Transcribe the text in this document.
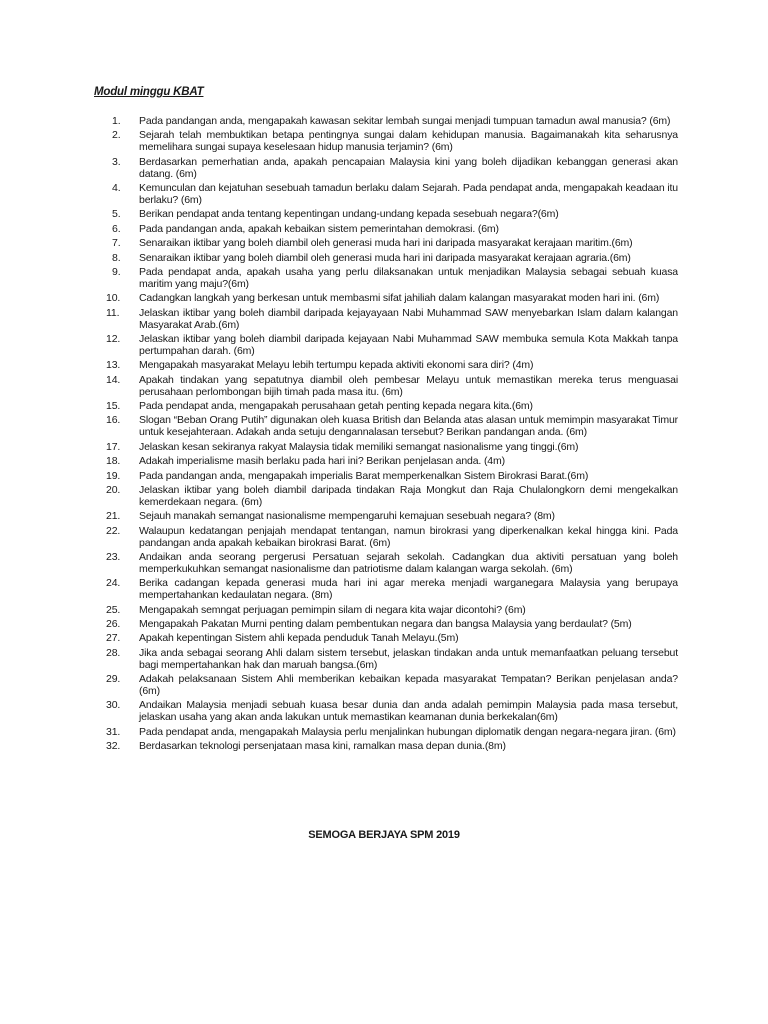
Modul minggu KBAT
1.	Pada pandangan anda, mengapakah kawasan sekitar lembah sungai menjadi tumpuan tamadun awal manusia? (6m)
2.	Sejarah telah membuktikan betapa pentingnya sungai dalam kehidupan manusia. Bagaimanakah kita seharusnya memelihara sungai supaya keselesaan hidup manusia terjamin? (6m)
3.	Berdasarkan pemerhatian anda, apakah pencapaian Malaysia kini yang boleh dijadikan kebanggan generasi akan datang. (6m)
4.	Kemunculan dan kejatuhan sesebuah tamadun berlaku dalam Sejarah. Pada pendapat anda, mengapakah keadaan itu berlaku? (6m)
5.	Berikan pendapat anda tentang kepentingan undang-undang kepada sesebuah negara?(6m)
6.	Pada pandangan anda, apakah kebaikan sistem pemerintahan demokrasi. (6m)
7.	Senaraikan iktibar yang boleh diambil oleh generasi muda hari ini daripada masyarakat kerajaan maritim.(6m)
8.	Senaraikan iktibar yang boleh diambil oleh generasi muda hari ini daripada masyarakat kerajaan agraria.(6m)
9.	Pada pendapat anda, apakah usaha yang perlu dilaksanakan untuk menjadikan Malaysia sebagai sebuah kuasa maritim yang maju?(6m)
10.	Cadangkan langkah yang berkesan untuk membasmi sifat jahiliah dalam kalangan masyarakat moden hari ini. (6m)
11.	Jelaskan iktibar yang boleh diambil daripada kejayayaan Nabi Muhammad SAW menyebarkan Islam dalam kalangan Masyarakat Arab.(6m)
12.	Jelaskan iktibar yang boleh diambil daripada kejayaan Nabi Muhammad SAW membuka semula Kota Makkah tanpa pertumpahan darah. (6m)
13.	Mengapakah masyarakat Melayu lebih tertumpu kepada aktiviti ekonomi sara diri? (4m)
14.	Apakah tindakan yang sepatutnya diambil oleh pembesar Melayu untuk memastikan mereka terus menguasai perusahaan perlombongan bijih timah pada masa itu. (6m)
15.	Pada pendapat anda, mengapakah perusahaan getah penting kepada negara kita.(6m)
16.	Slogan “Beban Orang Putih” digunakan oleh kuasa British dan Belanda atas alasan untuk memimpin masyarakat Timur untuk kesejahteraan. Adakah anda setuju dengannalasan tersebut? Berikan pandangan anda. (6m)
17.	Jelaskan kesan sekiranya rakyat Malaysia tidak memiliki semangat nasionalisme yang tinggi.(6m)
18.	Adakah imperialisme masih berlaku pada hari ini? Berikan penjelasan anda. (4m)
19.	Pada pandangan anda, mengapakah imperialis Barat memperkenalkan Sistem Birokrasi Barat.(6m)
20.	Jelaskan iktibar yang boleh diambil daripada tindakan Raja Mongkut dan Raja Chulalongkorn demi mengekalkan kemerdekaan negara. (6m)
21.	Sejauh manakah semangat nasionalisme mempengaruhi kemajuan sesebuah negara? (8m)
22.	Walaupun kedatangan penjajah mendapat tentangan, namun birokrasi yang diperkenalkan kekal hingga kini. Pada pandangan anda apakah kebaikan birokrasi Barat. (6m)
23.	Andaikan anda seorang pergerusi Persatuan sejarah sekolah. Cadangkan dua aktiviti persatuan yang boleh memperkukuhkan semangat nasionalisme dan patriotisme dalam kalangan warga sekolah. (6m)
24.	Berika cadangan kepada generasi muda hari ini agar mereka menjadi warganegara Malaysia yang berupaya mempertahankan kedaulatan negara. (8m)
25.	Mengapakah semngat perjuagan pemimpin silam di negara kita wajar dicontohi? (6m)
26.	Mengapakah Pakatan Murni penting dalam pembentukan negara dan bangsa Malaysia yang berdaulat? (5m)
27.	Apakah kepentingan Sistem ahli kepada penduduk Tanah Melayu.(5m)
28.	Jika anda sebagai seorang Ahli dalam sistem tersebut, jelaskan tindakan anda untuk memanfaatkan peluang tersebut bagi mempertahankan hak dan maruah bangsa.(6m)
29.	Adakah pelaksanaan Sistem Ahli memberikan kebaikan kepada masyarakat Tempatan? Berikan penjelasan anda? (6m)
30.	Andaikan Malaysia menjadi sebuah kuasa besar dunia dan anda adalah pemimpin Malaysia pada masa tersebut, jelaskan usaha yang akan anda lakukan untuk memastikan keamanan dunia berkekalan(6m)
31.	Pada pendapat anda, mengapakah Malaysia perlu menjalinkan hubungan diplomatik dengan negara-negara jiran. (6m)
32.	Berdasarkan teknologi persenjataan masa kini, ramalkan masa depan dunia.(8m)
SEMOGA BERJAYA SPM 2019
